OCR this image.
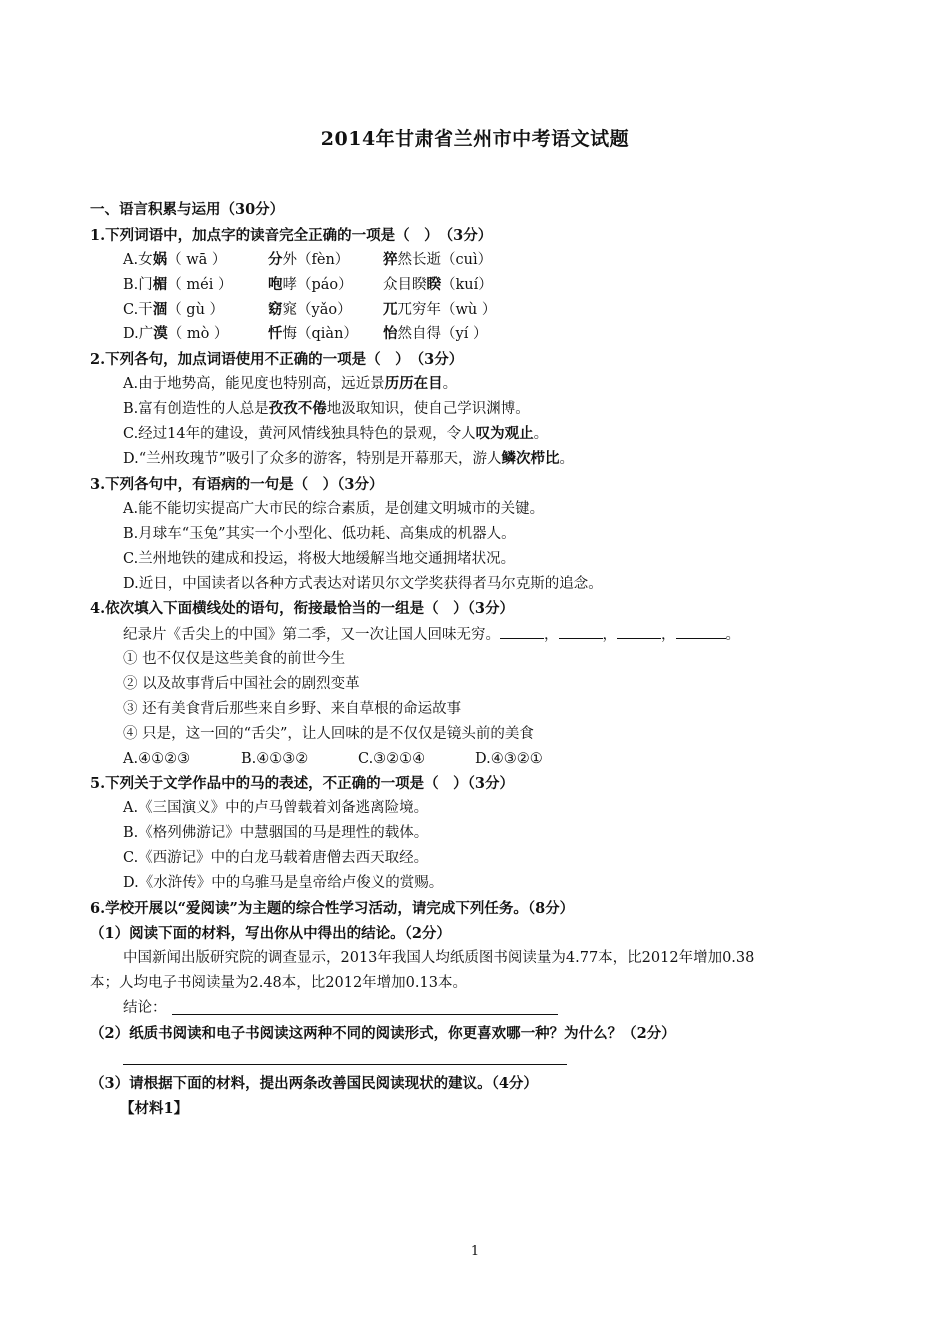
2014年甘肃省兰州市中考语文试题
一、语言积累与运用（30分）
1.下列词语中，加点字的读音完全正确的一项是（　）　（3分）
A.女娲（ wā ）	分外（fèn） 猝然长逝（cuì）
B.门楣（ méi ） 咆哮（páo） 众目睽睽（kuí）
C.干涸（ gù ）	窈窕（yǎo） 兀兀穷年（wù ）
D.广漠（ mò ）	忏悔（qiàn） 怡然自得（yí ）
2.下列各句，加点词语使用不正确的一项是（　）　（3分）
A.由于地势高，能见度也特别高，远近景历历在目。
B.富有创造性的人总是孜孜不倦地汲取知识，使自己学识渊博。
C.经过14年的建设，黄河风情线独具特色的景观，令人叹为观止。
D.“兰州玫瑰节”吸引了众多的游客，特别是开幕那天，游人鳞次栉比。
3.下列各句中，有语病的一句是（　）（3分）
A.能不能切实提高广大市民的综合素质，是创建文明城市的关键。
B.月球车“玉兔”其实一个小型化、低功耗、高集成的机器人。
C.兰州地铁的建成和投运，将极大地缓解当地交通拥堵状况。
D.近日，中国读者以各种方式表达对诺贝尔文学奖获得者马尔克斯的追念。
4.依次填入下面横线处的语句，衔接最恰当的一组是（　）（3分）
纪录片《舌尖上的中国》第二季，又一次让国人回味无穷。	，	，	，	。
① 也不仅仅是这些美食的前世今生
② 以及故事背后中国社会的剧烈变革
③ 还有美食背后那些来自乡野、来自草根的命运故事
④ 只是，这一回的“舌尖”，让人回味的是不仅仅是镜头前的美食
A.④①②③	B.④①③②	C.③②①④	D.④③②①
5.下列关于文学作品中的马的表述，不正确的一项是（　）（3分）
A.《三国演义》中的卢马曾载着刘备逃离险境。
B.《格列佛游记》中慧骃国的马是理性的载体。
C.《西游记》中的白龙马载着唐僧去西天取经。
D.《水浒传》中的乌骓马是皇帝给卢俊义的赏赐。
6.学校开展以“爱阅读”为主题的综合性学习活动，请完成下列任务。（8分）
（1）阅读下面的材料，写出你从中得出的结论。（2分）
中国新闻出版研究院的调查显示，2013年我国人均纸质图书阅读量为4.77本，比2012年增加0.38
本；人均电子书阅读量为2.48本，比2012年增加0.13本。
结论：
（2）纸质书阅读和电子书阅读这两种不同的阅读形式，你更喜欢哪一种？为什么？（2分）
（3）请根据下面的材料，提出两条改善国民阅读现状的建议。（4分）
【材料1】
1
